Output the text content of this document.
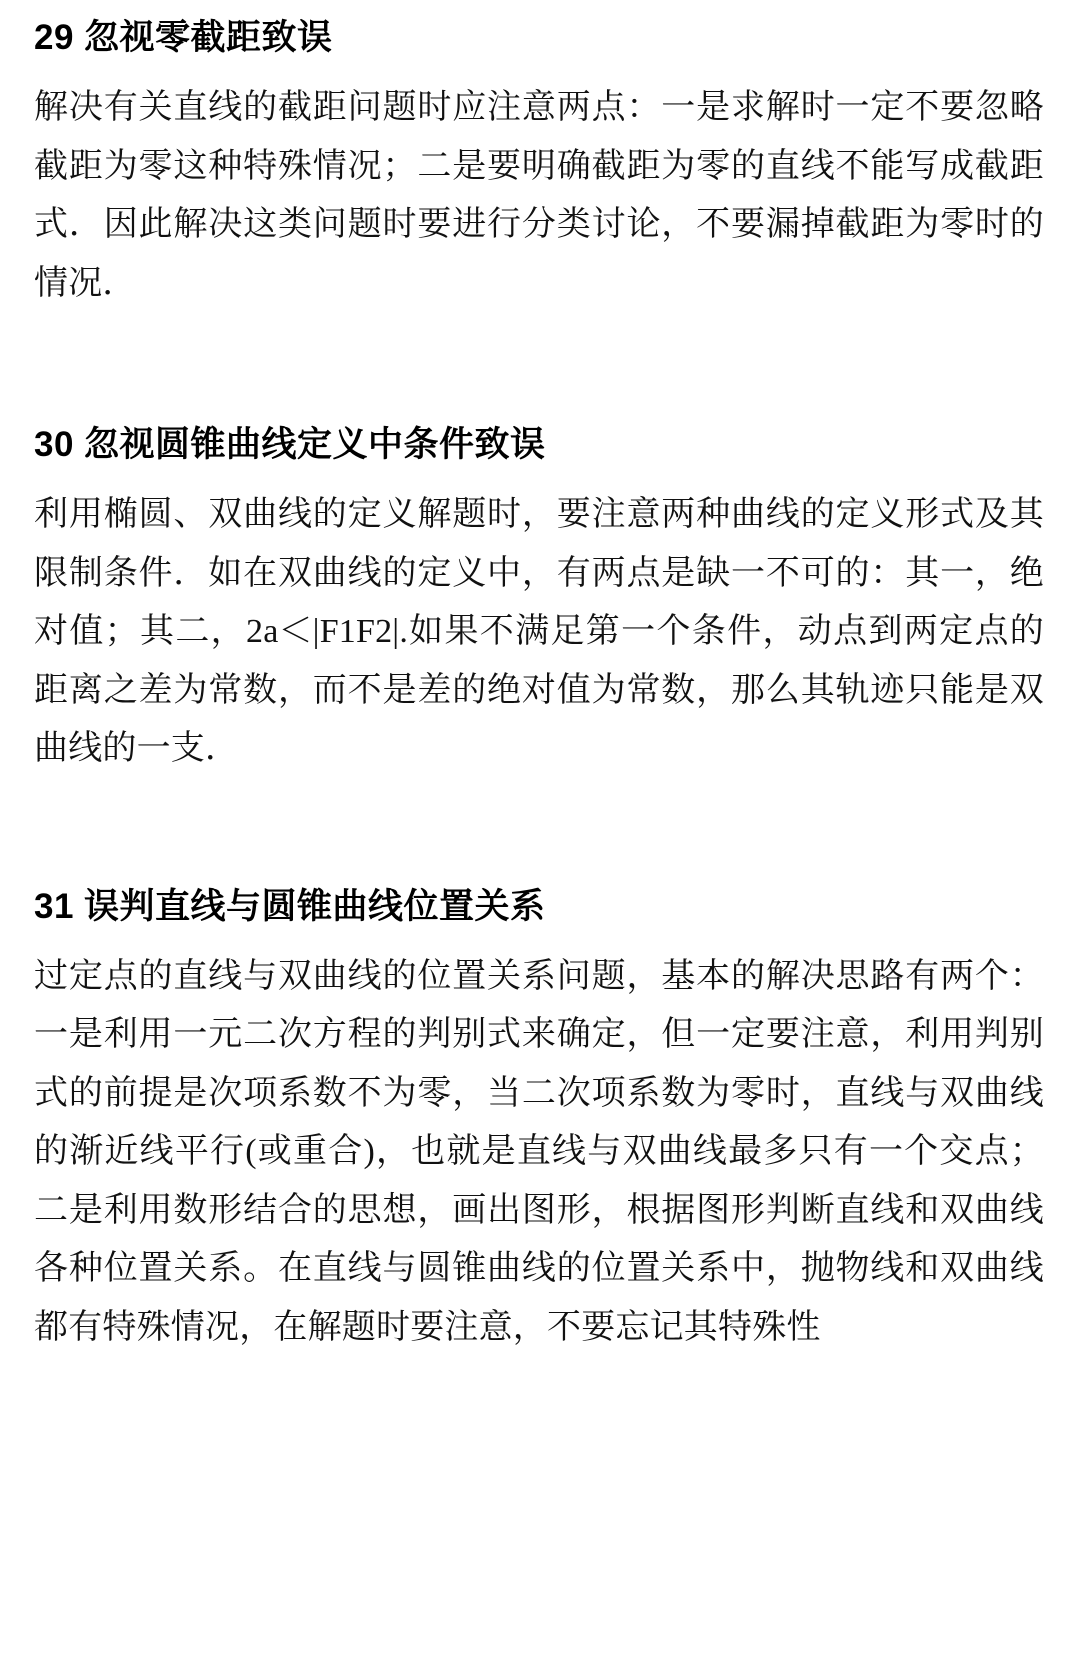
29 忽视零截距致误

解决有关直线的截距问题时应注意两点：一是求解时一定不要忽略截距为零这种特殊情况；二是要明确截距为零的直线不能写成截距式．因此解决这类问题时要进行分类讨论，不要漏掉截距为零时的情况．

30 忽视圆锥曲线定义中条件致误

利用椭圆、双曲线的定义解题时，要注意两种曲线的定义形式及其限制条件．如在双曲线的定义中，有两点是缺一不可的：其一，绝对值；其二，2a＜|F1F2|.如果不满足第一个条件，动点到两定点的距离之差为常数，而不是差的绝对值为常数，那么其轨迹只能是双曲线的一支．

31 误判直线与圆锥曲线位置关系

过定点的直线与双曲线的位置关系问题，基本的解决思路有两个：一是利用一元二次方程的判别式来确定，但一定要注意，利用判别式的前提是次项系数不为零，当二次项系数为零时，直线与双曲线的渐近线平行(或重合)，也就是直线与双曲线最多只有一个交点；二是利用数形结合的思想，画出图形，根据图形判断直线和双曲线各种位置关系。在直线与圆锥曲线的位置关系中，抛物线和双曲线都有特殊情况，在解题时要注意，不要忘记其特殊性
